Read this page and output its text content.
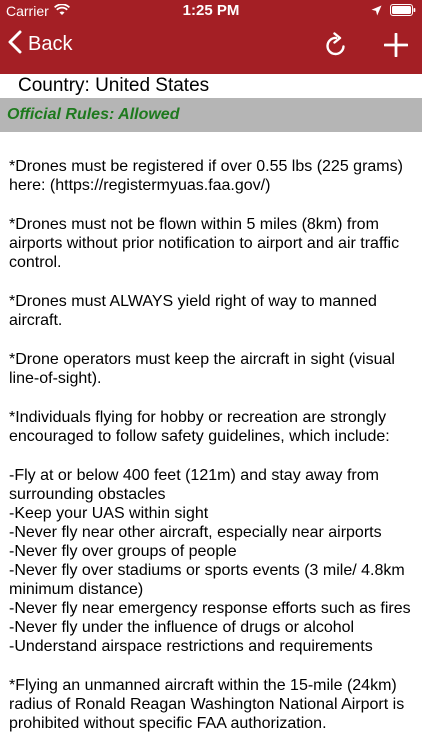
Carrier	1:25 PM
Back
Country: United States
Official Rules: Allowed

*Drones must be registered if over 0.55 lbs (225 grams) here: (https://registermyuas.faa.gov/)

*Drones must not be flown within 5 miles (8km) from airports without prior notification to airport and air traffic control.

*Drones must ALWAYS yield right of way to manned aircraft.

*Drone operators must keep the aircraft in sight (visual line-of-sight).

*Individuals flying for hobby or recreation are strongly encouraged to follow safety guidelines, which include:

-Fly at or below 400 feet (121m) and stay away from surrounding obstacles
-Keep your UAS within sight
-Never fly near other aircraft, especially near airports
-Never fly over groups of people
-Never fly over stadiums or sports events (3 mile/ 4.8km minimum distance)
-Never fly near emergency response efforts such as fires
-Never fly under the influence of drugs or alcohol
-Understand airspace restrictions and requirements

*Flying an unmanned aircraft within the 15-mile (24km) radius of Ronald Reagan Washington National Airport is prohibited without specific FAA authorization.
